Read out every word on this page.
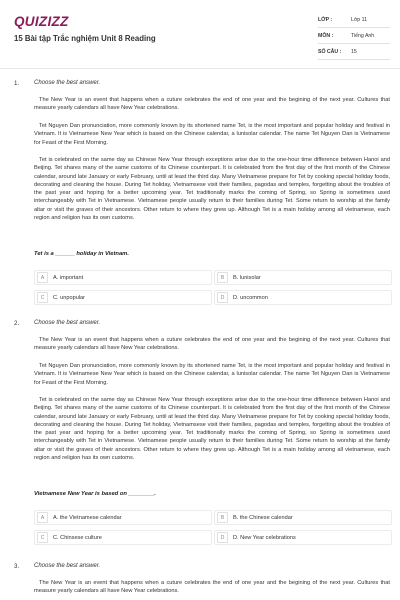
QUIZIZZ
15 Bài tập Trắc nghiệm Unit 8 Reading
LỚP :	Lớp 11
MÔN :	Tiếng Anh
SỐ CÂU :	15
1. Choose the best answer.
The New Year is an event that happens when a cuture celebrates the end of one year and the begining of the next year. Cultures that measure yearly calendars all have New Year celebrations.
Tet Nguyen Dan pronunciation, more commonly known by its shortened name Tet, is the most important and popular holiday and festival in Vietnam. It is Vietnamese New Year which is based on the Chinese calendar, a lunisolar calendar. The name Tet Nguyen Dan is Vietnamese for Feast of the First Morning.
Tet is celebrated on the same day as Chinese New Year through exceptions arise due to the one-hour time difference between Hanoi and Beijing. Tet shares many of the same customs of its Chinese counterpart. It is celebrated from the first day of the first month of the Chinese calendar, around late January or early February, until at least the third day. Many Vietnamese prepare for Tet by cooking special holiday foods, decorating and cleaning the house. During Tet holiday, Vietnamsese visit their families, pagodas and temples, forgetting about the troubles of the past year and hoping for a better upcoming year. Tet traditionally marks the coming of Spring, so Spring is sometimes used interchangeably with Tet in Vietnamese. Vietnamese people usually return to their families during Tet. Some return to worship at the family altar or visit the graves of their ancestors. Other return to where they grew up. Although Tet is a main holiday among all vietnamese, each region and religion has its own customs.
Tet is a ______ holiday in Vietnam.
A	A. important	B	B. lunisolar
C	C. unpopular	D	D. uncommon
2. Choose the best answer.
The New Year is an event that happens when a cuture celebrates the end of one year and the begining of the next year. Cultures that measure yearly calendars all have New Year celebrations.
Tet Nguyen Dan pronunciation, more commonly known by its shortened name Tet, is the most important and popular holiday and festival in Vietnam. It is Vietnamese New Year which is based on the Chinese calendar, a lunisolar calendar. The name Tet Nguyen Dan is Vietnamese for Feast of the First Morning.
Tet is celebrated on the same day as Chinese New Year through exceptions arise due to the one-hour time difference between Hanoi and Beijing. Tet shares many of the same customs of its Chinese counterpart. It is celebrated from the first day of the first month of the Chinese calendar, around late January or early February, until at least the third day. Many Vietnamese prepare for Tet by cooking special holiday foods, decorating and cleaning the house. During Tet holiday, Vietnamsese visit their families, pagodas and temples, forgetting about the troubles of the past year and hoping for a better upcoming year. Tet traditionally marks the coming of Spring, so Spring is sometimes used interchangeably with Tet in Vietnamese. Vietnamese people usually return to their families during Tet. Some return to worship at the family altar or visit the graves of their ancestors. Other return to where they grew up. Although Tet is a main holiday among all vietnamese, each region and religion has its own customs.
Vietnamese New Year is based on ________.
A	A. the Vietnamese calendar	B	B. the Chinese calendar
C	C. Chinsese culture	D	D. New Year celebrations
3. Choose the best answer.
The New Year is an event that happens when a cuture celebrates the end of one year and the begining of the next year. Cultures that measure yearly calendars all have New Year celebrations.
